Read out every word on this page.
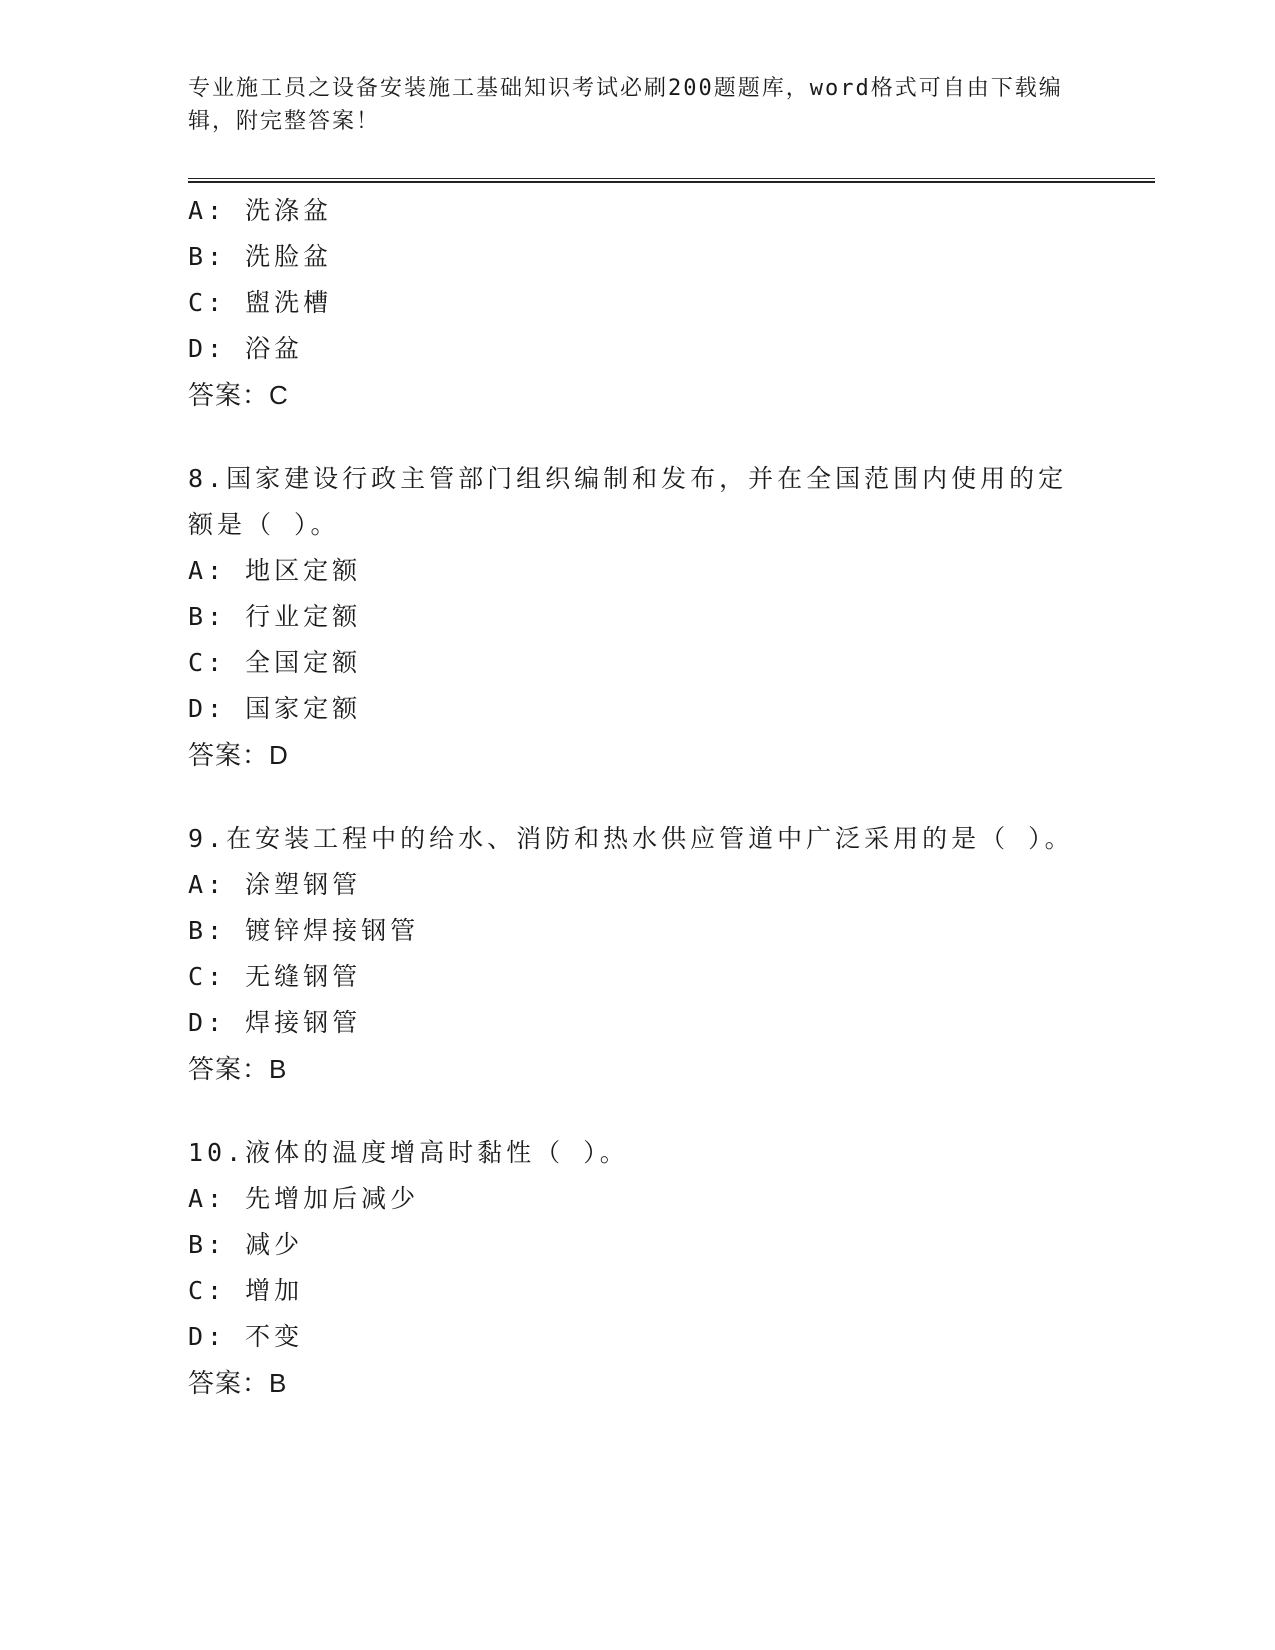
专业施工员之设备安装施工基础知识考试必刷200题题库，word格式可自由下载编辑，附完整答案！
A: 洗涤盆
B: 洗脸盆
C: 盥洗槽
D: 浴盆
答案：C
8.国家建设行政主管部门组织编制和发布，并在全国范围内使用的定额是（ ）。
A: 地区定额
B: 行业定额
C: 全国定额
D: 国家定额
答案：D
9.在安装工程中的给水、消防和热水供应管道中广泛采用的是（ ）。
A: 涂塑钢管
B: 镀锌焊接钢管
C: 无缝钢管
D: 焊接钢管
答案：B
10.液体的温度增高时黏性（ ）。
A: 先增加后减少
B: 减少
C: 增加
D: 不变
答案：B
